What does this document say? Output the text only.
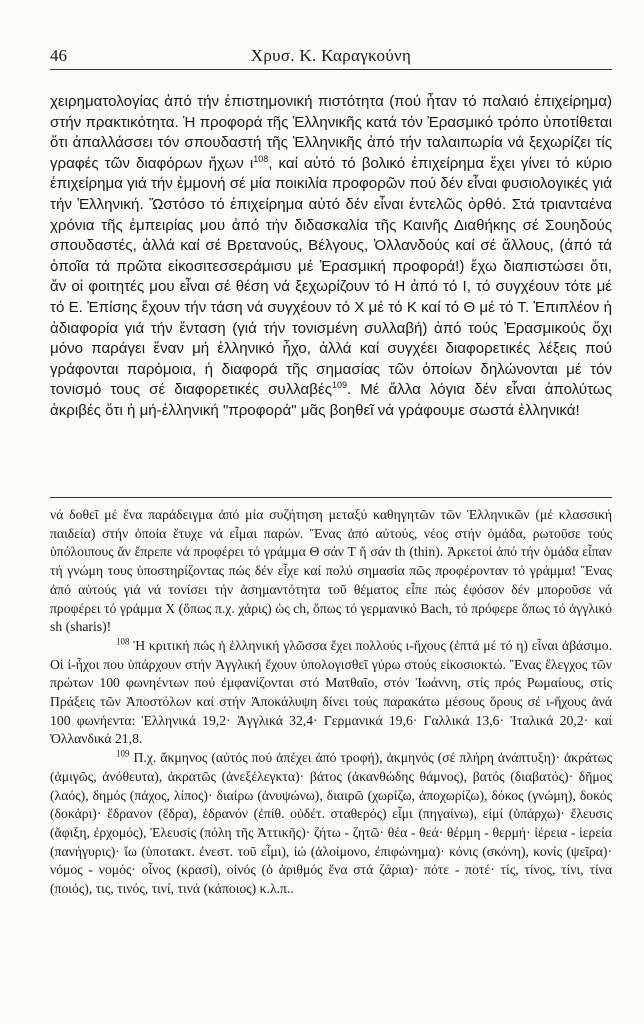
46	Χρυσ. Κ. Καραγκούνη
χειρηματολογίας ἀπό τήν ἐπιστημονική πιστότητα (πού ἦταν τό παλαιό ἐπιχείρημα) στήν πρακτικότητα. Ἡ προφορά τῆς Ἑλληνικῆς κατά τόν Ἐρασμικό τρόπο ὑποτίθεται ὅτι ἀπαλλάσσει τόν σπουδαστή τῆς Ἑλληνικῆς ἀπό τήν ταλαιπωρία νά ξεχωρίζει τίς γραφές τῶν διαφόρων ἤχων $\iota^{108}$, καί αὐτό τό βολικό ἐπιχείρημα ἔχει γίνει τό κύριο ἐπιχείρημα γιά τήν ἐμμονή σέ μία ποικιλία προφορῶν πού δέν εἶναι φυσιολογικές γιά τήν Ἑλληνική. Ὥστόσο τό ἐπιχείρημα αὐτό δέν εἶναι ἐντελῶς ὀρθό. Στά τριανταένα χρόνια τῆς ἐμπειρίας μου ἀπό τήν διδασκαλία τῆς Καινῆς Διαθήκης σέ Σουηδούς σπουδαστές, ἀλλά καί σέ Βρετανούς, Βέλγους, Ὀλλανδούς καί σέ ἄλλους, (ἀπό τά ὁποῖα τά πρῶτα εἰκοσιτεσσεράμισυ μέ Ἐρασμική προφορά!) ἔχω διαπιστώσει ὅτι, ἄν οἱ φοιτητές μου εἶναι σέ θέση νά ξεχωρίζουν τό Η ἀπό τό Ι, τό συγχέουν τότε μέ τό Ε. Ἐπίσης ἔχουν τήν τάση νά συγχέουν τό Χ μέ τό Κ καί τό Θ μέ τό Τ. Ἐπιπλέον ἡ ἀδιαφορία γιά τήν ἔνταση (γιά τήν τονισμένη συλλαβή) ἀπό τούς Ἐρασμικούς ὄχι μόνο παράγει ἕναν μή ἑλληνικό ἦχο, ἀλλά καί συγχέει διαφορετικές λέξεις πού γράφονται παρόμοια, ἡ διαφορά τῆς σημασίας τῶν ὁποίων δηλώνονται μέ τόν τονισμό τους σέ διαφορετικές συλλαβές$^{109}$. Μέ ἄλλα λόγια δέν εἶναι ἀπολύτως ἀκριβές ὅτι ἡ μή-ἑλληνική "προφορά" μᾶς βοηθεῖ νά γράφουμε σωστά ἑλληνικά!

νά δοθεῖ μέ ἕνα παράδειγμα ἀπό μία συζήτηση μεταξύ καθηγητῶν τῶν Ἑλληνικῶν (μέ κλασσική παιδεία) στήν ὁποία ἔτυχε νά εἶμαι παρών. Ἕνας ἀπό αὐτούς, νέος στήν ὁμάδα, ρωτοῦσε τούς ὑπόλοιπους ἄν ἔπρεπε νά προφέρει τό γράμμα Θ σάν Τ ἤ σάν th (thin). Ἀρκετοί ἀπό τήν ὁμάδα εἶπαν τή γνώμη τους ὑποστηρίζοντας πώς δέν εἶχε καί πολύ σημασία πῶς προφέρονταν τό γράμμα! Ἕνας ἀπό αὐτούς γιά νά τονίσει τήν ἀσημαντότητα τοῦ θέματος εἶπε πώς ἐφόσον δέν μποροῦσε νά προφέρει τό γράμμα Χ (ὅπως π.χ. χάρις) ὡς ch, ὅπως τό γερμανικό Bach, τό πρόφερε ὅπως τό ἀγγλικό sh (sharis)!

$^{108}$ Ἡ κριτική πώς ἡ ἑλληνική γλῶσσα ἔχει πολλούς ι-ἤχους (ἑπτά μέ τό η) εἶναι ἀβάσιμο. Οἱ ἰ-ἦχοι που ὑπάρχουν στήν Ἀγγλική ἔχουν ὑπολογισθεῖ γύρω στούς εἰκοσιοκτώ. Ἕνας ἔλεγχος τῶν πρώτων 100 φωνηέντων πού ἐμφανίζονται στό Ματθαῖο, στόν Ἰωάννη, στίς πρός Ρωμαίους, στίς Πράξεις τῶν Ἀποστόλων καί στήν Ἀποκάλυψη δίνει τούς παρακάτω μέσους ὅρους σέ ι-ἤχους ἀνά 100 φωνήεντα: Ἑλληνικά 19,2· Ἀγγλικά 32,4· Γερμανικά 19,6· Γαλλικά 13,6· Ἰταλικά 20,2· καί Ὀλλανδικά 21,8.

$^{109}$ Π.χ. ἄκμηνος (αὐτός πού ἀπέχει ἀπό τροφή), ἀκμηνός (σέ πλήρη ἀνάπτυξη)· ἀκράτως (ἀμιγῶς, ἀνόθευτα), ἀκρατῶς (ἀνεξέλεγκτα)· βάτος (ἀκανθώδης θάμνος), βατός (διαβατός)· δῆμος (λαός), δημός (πάχος, λίπος)· διαίρω (ἀνυψώνω), διαιρῶ (χωρίζω, ἀποχωρίζω), δόκος (γνώμη), δοκός (δοκάρι)· ἕδρανον (ἕδρα), ἑδρανόν (ἐπίθ. οὐδέτ. σταθερός) εἶμι (πηγαίνω), εἰμί (ὑπάρχω)· ἔλευσις (ἄφιξη, ἐρχομός), Ἐλευσίς (πόλη τῆς Ἀττικῆς)· ζήτω - ζητῶ· θέα - θεά· θέρμη - θερμή· ἱέρεια - ἱερεία (πανήγυρις)· ἴω (ὑποτακτ. ἐνεστ. τοῦ εἶμι), ἰώ (ἀλοίμονο, ἐπιφώνημα)· κόνις (σκόνη), κονίς (ψεῖρα)· νόμος - νομός· οἶνος (κρασί), οἰνός (ὁ ἀριθμός ἕνα στά ζάρια)· πότε - ποτέ· τίς, τίνος, τίνι, τίνα (ποιός), τις, τινός, τινί, τινά (κάποιος) κ.λ.π..
